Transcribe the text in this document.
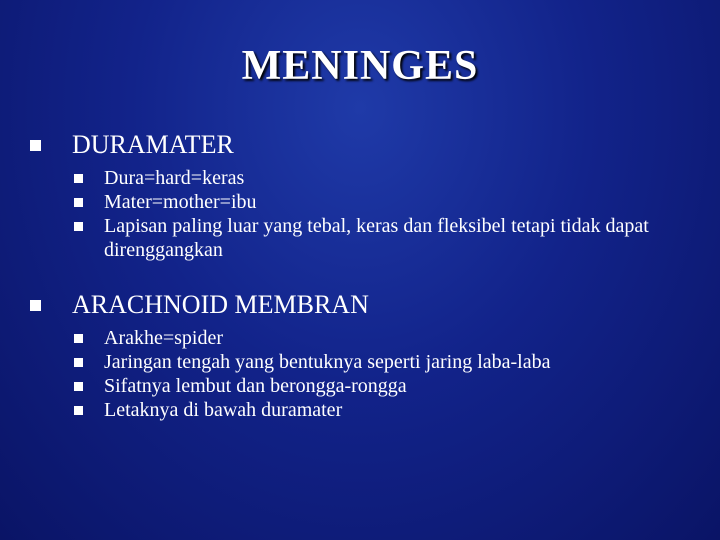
MENINGES
DURAMATER
Dura=hard=keras
Mater=mother=ibu
Lapisan paling luar yang tebal, keras dan fleksibel tetapi tidak dapat direnggangkan
ARACHNOID MEMBRAN
Arakhe=spider
Jaringan tengah yang bentuknya seperti jaring laba-laba
Sifatnya lembut dan berongga-rongga
Letaknya di bawah duramater
